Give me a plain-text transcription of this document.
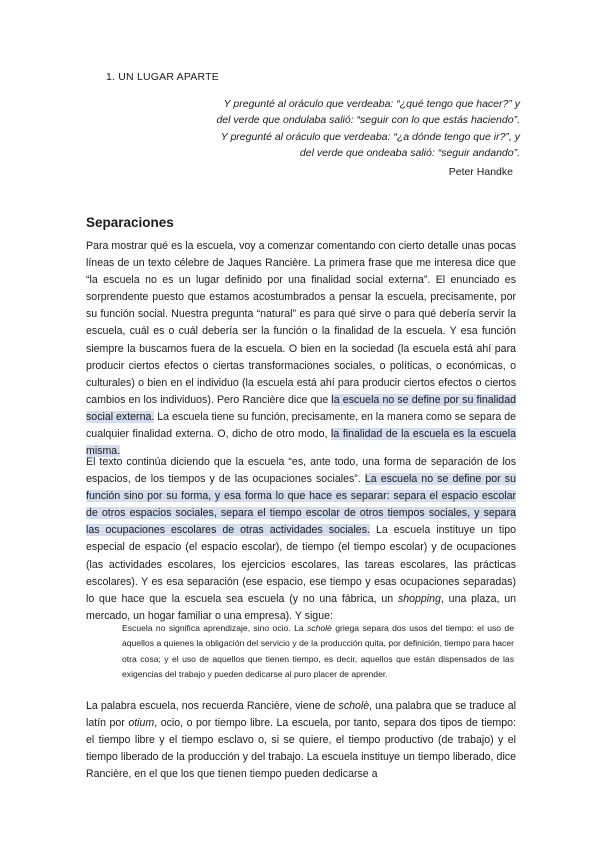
1. UN LUGAR APARTE

Y pregunté al oráculo que verdeaba: “¿qué tengo que hacer?” y

del verde que ondulaba salió: “seguir con lo que estás haciendo”.

Y pregunté al oráculo que verdeaba: “¿a dónde tengo que ir?”, y

del verde que ondeaba salió: “seguir andando”.

Peter Handke
Separaciones

Para mostrar qué es la escuela, voy a comenzar comentando con cierto detalle unas pocas líneas de un texto célebre de Jaques Rancière. La primera frase que me interesa dice que “la escuela no es un lugar definido por una finalidad social externa”. El enunciado es sorprendente puesto que estamos acostumbrados a pensar la escuela, precisamente, por su función social. Nuestra pregunta “natural” es para qué sirve o para qué debería servir la escuela, cuál es o cuál debería ser la función o la finalidad de la escuela. Y esa función siempre la buscamos fuera de la escuela. O bien en la sociedad (la escuela está ahí para producir ciertos efectos o ciertas transformaciones sociales, o políticas, o económicas, o culturales) o bien en el individuo (la escuela está ahí para producir ciertos efectos o ciertos cambios en los individuos). Pero Rancière dice que la escuela no se define por su finalidad social externa. La escuela tiene su función, precisamente, en la manera como se separa de cualquier finalidad externa. O, dicho de otro modo, la finalidad de la escuela es la escuela misma.

El texto continúa diciendo que la escuela “es, ante todo, una forma de separación de los espacios, de los tiempos y de las ocupaciones sociales”. La escuela no se define por su función sino por su forma, y esa forma lo que hace es separar: separa el espacio escolar de otros espacios sociales, separa el tiempo escolar de otros tiempos sociales, y separa las ocupaciones escolares de otras actividades sociales. La escuela instituye un tipo especial de espacio (el espacio escolar), de tiempo (el tiempo escolar) y de ocupaciones (las actividades escolares, los ejercicios escolares, las tareas escolares, las prácticas escolares). Y es esa separación (ese espacio, ese tiempo y esas ocupaciones separadas) lo que hace que la escuela sea escuela (y no una fábrica, un shopping, una plaza, un mercado, un hogar familiar o una empresa). Y sigue:

Escuela no significa aprendizaje, sino ocio. La scholè griega separa dos usos del tiempo: el uso de aquellos a quienes la obligación del servicio y de la producción quita, por definición, tiempo para hacer otra cosa; y el uso de aquellos que tienen tiempo, es decir, aquellos que están dispensados de las exigencias del trabajo y pueden dedicarse al puro placer de aprender.

La palabra escuela, nos recuerda Rancière, viene de scholè, una palabra que se traduce al latín por otium, ocio, o por tiempo libre. La escuela, por tanto, separa dos tipos de tiempo: el tiempo libre y el tiempo esclavo o, si se quiere, el tiempo productivo (de trabajo) y el tiempo liberado de la producción y del trabajo. La escuela instituye un tiempo liberado, dice Rancière, en el que los que tienen tiempo pueden dedicarse a
